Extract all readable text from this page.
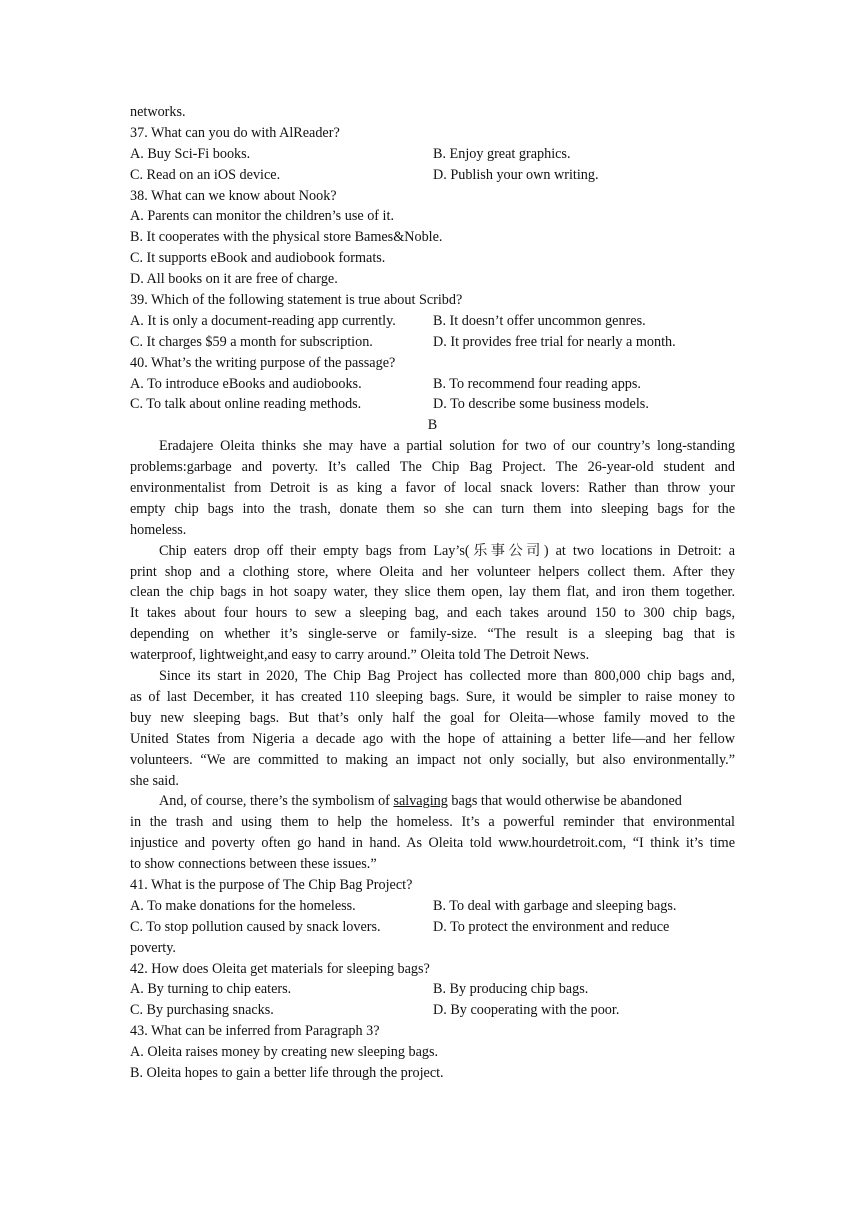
networks.
37. What can you do with AlReader?
A. Buy Sci-Fi books.	B. Enjoy great graphics.
C. Read on an iOS device.	D. Publish your own writing.
38. What can we know about Nook?
A. Parents can monitor the children’s use of it.
B. It cooperates with the physical store Bames&Noble.
C. It supports eBook and audiobook formats.
D. All books on it are free of charge.
39. Which of the following statement is true about Scribd?
A. It is only a document-reading app currently.	B. It doesn’t offer uncommon genres.
C. It charges $59 a month for subscription.	D. It provides free trial for nearly a month.
40. What’s the writing purpose of the passage?
A. To introduce eBooks and audiobooks.	B. To recommend four reading apps.
C. To talk about online reading methods.	D. To describe some business models.
B
Eradajere Oleita thinks she may have a partial solution for two of our country’s long-standing
problems:garbage and poverty. It’s called The Chip Bag Project. The 26-year-old student and
environmentalist from Detroit is as king a favor of local snack lovers: Rather than throw your
empty chip bags into the trash, donate them so she can turn them into sleeping bags for the
homeless.
Chip eaters drop off their empty bags from Lay’s(乐事公司) at two locations in Detroit: a
print shop and a clothing store, where Oleita and her volunteer helpers collect them. After they
clean the chip bags in hot soapy water, they slice them open, lay them flat, and iron them together.
It takes about four hours to sew a sleeping bag, and each takes around 150 to 300 chip bags,
depending on whether it’s single-serve or family-size. “The result is a sleeping bag that is
waterproof, lightweight,and easy to carry around.” Oleita told The Detroit News.
Since its start in 2020, The Chip Bag Project has collected more than 800,000 chip bags and,
as of last December, it has created 110 sleeping bags. Sure, it would be simpler to raise money to
buy new sleeping bags. But that’s only half the goal for Oleita—whose family moved to the
United States from Nigeria a decade ago with the hope of attaining a better life—and her fellow
volunteers. “We are committed to making an impact not only socially, but also environmentally.”
she said.
And, of course, there’s the symbolism of salvaging bags that would otherwise be abandoned
in the trash and using them to help the homeless. It’s a powerful reminder that environmental
injustice and poverty often go hand in hand. As Oleita told www.hourdetroit.com, “I think it’s time
to show connections between these issues.”
41. What is the purpose of The Chip Bag Project?
A. To make donations for the homeless.	B. To deal with garbage and sleeping bags.
C. To stop pollution caused by snack lovers.	D. To protect the environment and reduce
poverty.
42. How does Oleita get materials for sleeping bags?
A. By turning to chip eaters.	B. By producing chip bags.
C. By purchasing snacks.	D. By cooperating with the poor.
43. What can be inferred from Paragraph 3?
A. Oleita raises money by creating new sleeping bags.
B. Oleita hopes to gain a better life through the project.
